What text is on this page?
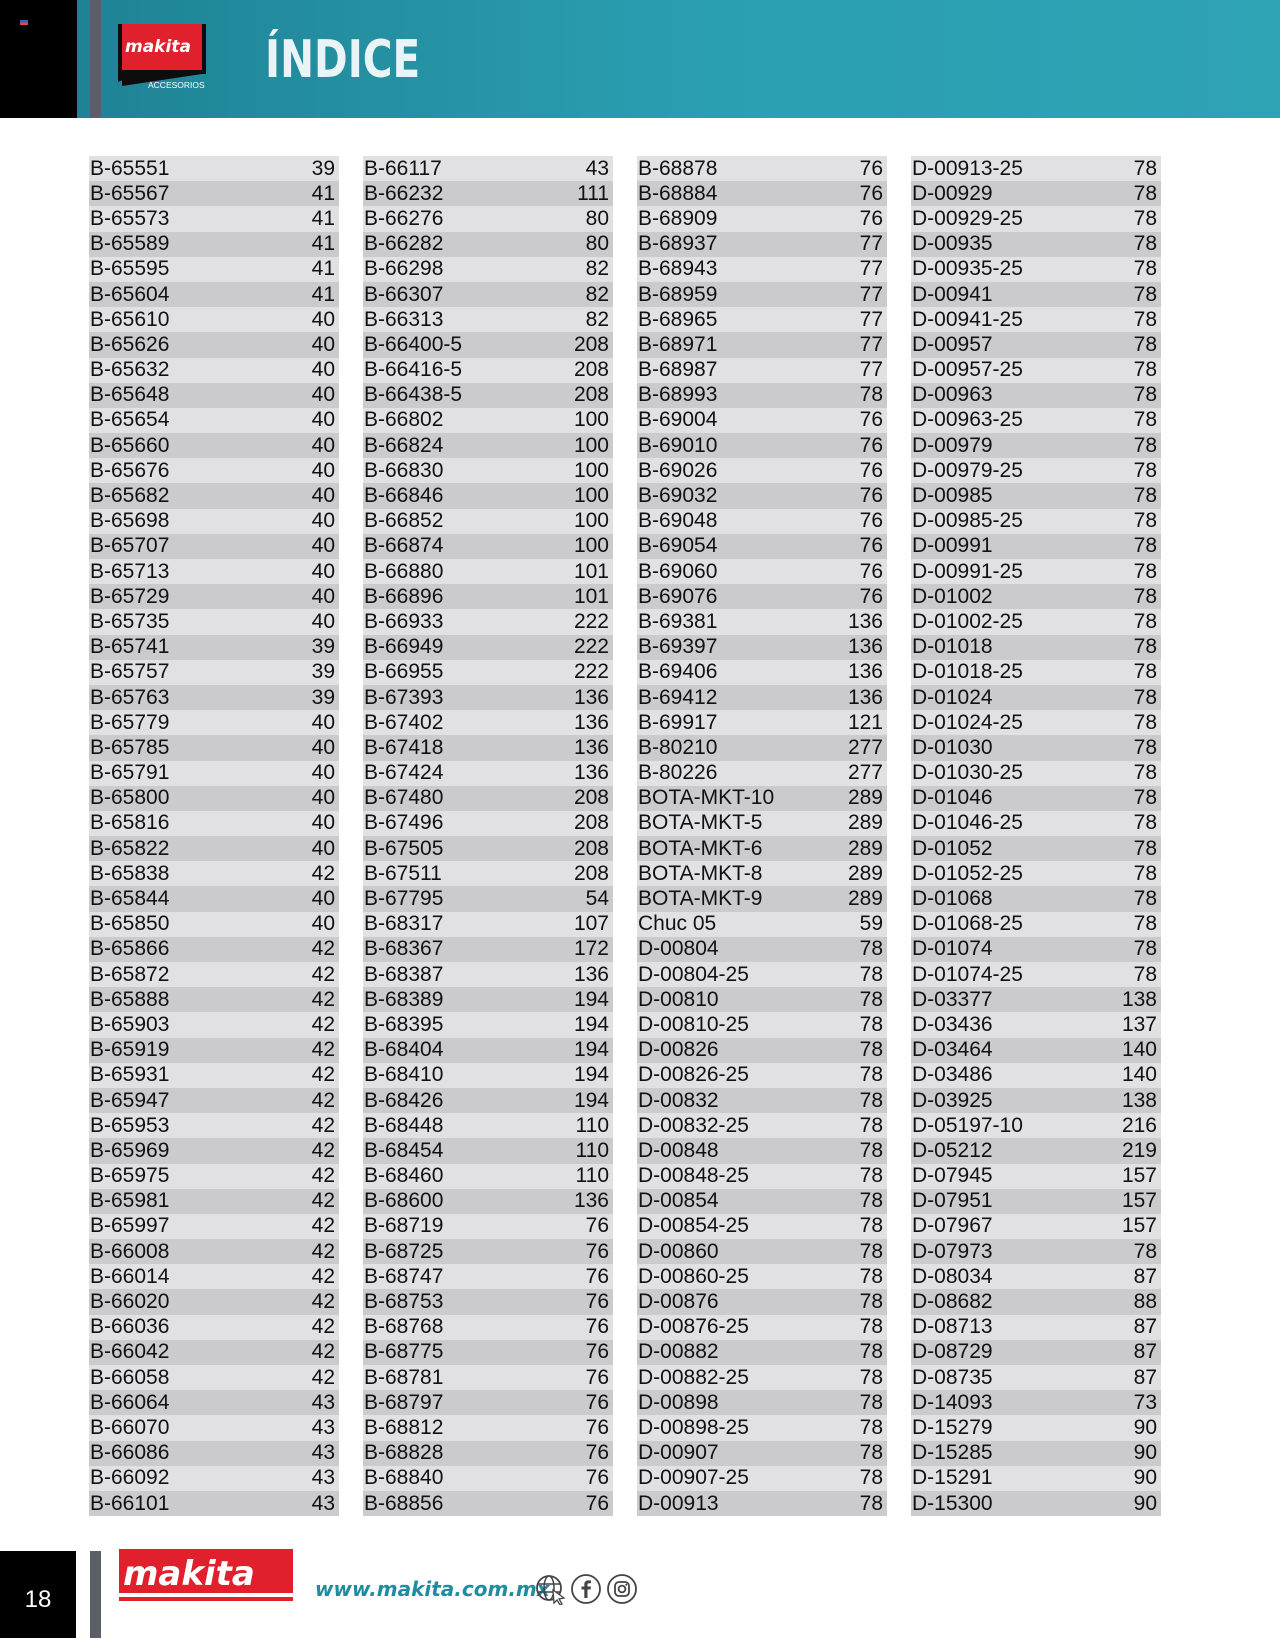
makita
ACCESORIOS ÍNDICE
B-65551	39
B-65567	41
B-65573	41
B-65589	41
B-65595	41
B-65604	41
B-65610	40
B-65626	40
B-65632	40
B-65648	40
B-65654	40
B-65660	40
B-65676	40
B-65682	40
B-65698	40
B-65707	40
B-65713	40
B-65729	40
B-65735	40
B-65741	39
B-65757	39
B-65763	39
B-65779	40
B-65785	40
B-65791	40
B-65800	40
B-65816	40
B-65822	40
B-65838	42
B-65844	40
B-65850	40
B-65866	42
B-65872	42
B-65888	42
B-65903	42
B-65919	42
B-65931	42
B-65947	42
B-65953	42
B-65969	42
B-65975	42
B-65981	42
B-65997	42
B-66008	42
B-66014	42
B-66020	42
B-66036	42
B-66042	42
B-66058	42
B-66064	43
B-66070	43
B-66086	43
B-66092	43
B-66101	43
B-66117	43
B-66232	111
B-66276	80
B-66282	80
B-66298	82
B-66307	82
B-66313	82
B-66400-5	208
B-66416-5	208
B-66438-5	208
B-66802	100
B-66824	100
B-66830	100
B-66846	100
B-66852	100
B-66874	100
B-66880	101
B-66896	101
B-66933	222
B-66949	222
B-66955	222
B-67393	136
B-67402	136
B-67418	136
B-67424	136
B-67480	208
B-67496	208
B-67505	208
B-67511	208
B-67795	54
B-68317	107
B-68367	172
B-68387	136
B-68389	194
B-68395	194
B-68404	194
B-68410	194
B-68426	194
B-68448	110
B-68454	110
B-68460	110
B-68600	136
B-68719	76
B-68725	76
B-68747	76
B-68753	76
B-68768	76
B-68775	76
B-68781	76
B-68797	76
B-68812	76
B-68828	76
B-68840	76
B-68856	76
B-68878	76
B-68884	76
B-68909	76
B-68937	77
B-68943	77
B-68959	77
B-68965	77
B-68971	77
B-68987	77
B-68993	78
B-69004	76
B-69010	76
B-69026	76
B-69032	76
B-69048	76
B-69054	76
B-69060	76
B-69076	76
B-69381	136
B-69397	136
B-69406	136
B-69412	136
B-69917	121
B-80210	277
B-80226	277
BOTA-MKT-10	289
BOTA-MKT-5	289
BOTA-MKT-6	289
BOTA-MKT-8	289
BOTA-MKT-9	289
Chuc 05	59
D-00804	78
D-00804-25	78
D-00810	78
D-00810-25	78
D-00826	78
D-00826-25	78
D-00832	78
D-00832-25	78
D-00848	78
D-00848-25	78
D-00854	78
D-00854-25	78
D-00860	78
D-00860-25	78
D-00876	78
D-00876-25	78
D-00882	78
D-00882-25	78
D-00898	78
D-00898-25	78
D-00907	78
D-00907-25	78
D-00913	78
D-00913-25	78
D-00929	78
D-00929-25	78
D-00935	78
D-00935-25	78
D-00941	78
D-00941-25	78
D-00957	78
D-00957-25	78
D-00963	78
D-00963-25	78
D-00979	78
D-00979-25	78
D-00985	78
D-00985-25	78
D-00991	78
D-00991-25	78
D-01002	78
D-01002-25	78
D-01018	78
D-01018-25	78
D-01024	78
D-01024-25	78
D-01030	78
D-01030-25	78
D-01046	78
D-01046-25	78
D-01052	78
D-01052-25	78
D-01068	78
D-01068-25	78
D-01074	78
D-01074-25	78
D-03377	138
D-03436	137
D-03464	140
D-03486	140
D-03925	138
D-05197-10	216
D-05212	219
D-07945	157
D-07951	157
D-07967	157
D-07973	78
D-08034	87
D-08682	88
D-08713	87
D-08729	87
D-08735	87
D-14093	73
D-15279	90
D-15285	90
D-15291	90
D-15300	90
18
makita	www.makita.com.mx
